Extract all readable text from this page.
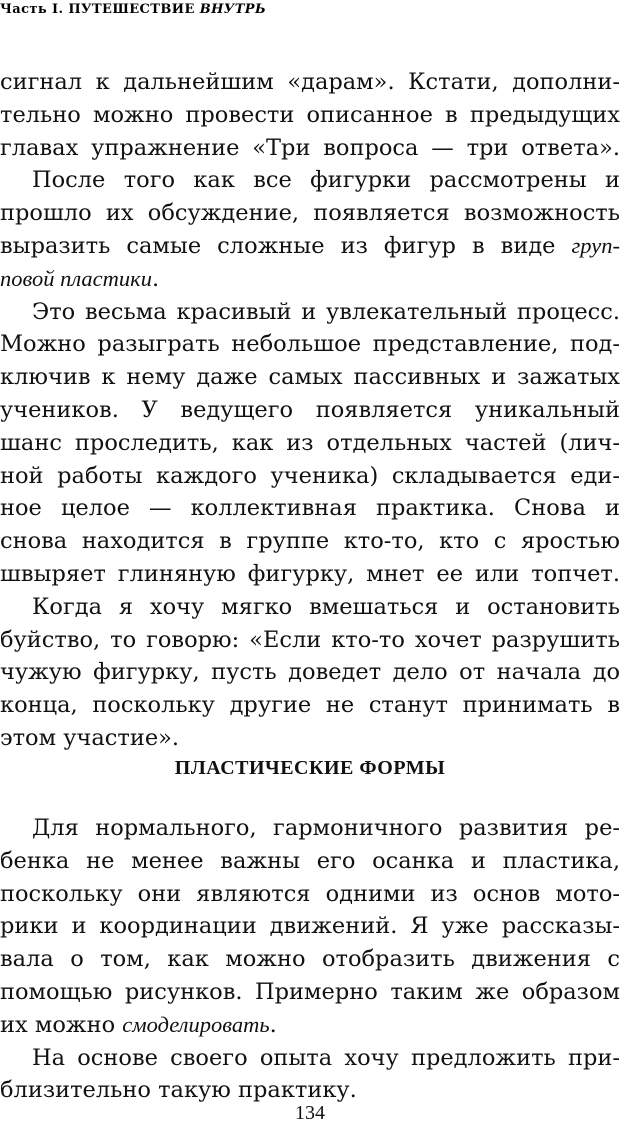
Часть I. ПУТЕШЕСТВИЕ ВНУТРЬ
сигнал к дальнейшим «дарам». Кстати, дополни-
тельно можно провести описанное в предыдущих
главах упражнение «Три вопроса — три ответа».
После того как все фигурки рассмотрены и
прошло их обсуждение, появляется возможность
выразить самые сложные из фигур в виде груп-
повой пластики.
Это весьма красивый и увлекательный процесс.
Можно разыграть небольшое представление, под-
ключив к нему даже самых пассивных и зажатых
учеников. У ведущего появляется уникальный
шанс проследить, как из отдельных частей (лич-
ной работы каждого ученика) складывается еди-
ное целое — коллективная практика. Снова и
снова находится в группе кто-то, кто с яростью
швыряет глиняную фигурку, мнет ее или топчет.
Когда я хочу мягко вмешаться и остановить
буйство, то говорю: «Если кто-то хочет разрушить
чужую фигурку, пусть доведет дело от начала до
конца, поскольку другие не станут принимать в
этом участие».
ПЛАСТИЧЕСКИЕ ФОРМЫ
Для нормального, гармоничного развития ре-
бенка не менее важны его осанка и пластика,
поскольку они являются одними из основ мото-
рики и координации движений. Я уже рассказы-
вала о том, как можно отобразить движения с
помощью рисунков. Примерно таким же образом
их можно смоделировать.
На основе своего опыта хочу предложить при-
близительно такую практику.
134
